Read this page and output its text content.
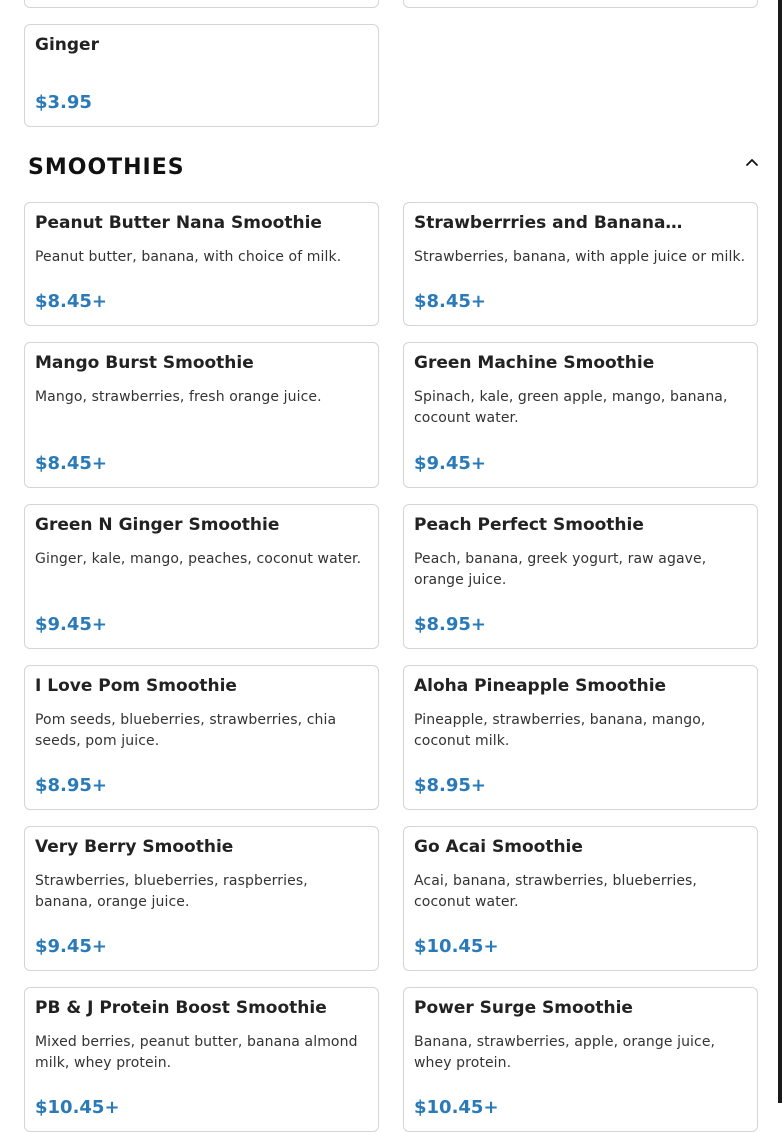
Ginger
$3.95
SMOOTHIES
Peanut Butter Nana Smoothie
Peanut butter, banana, with choice of milk.
$8.45+
Strawberrries and Banana…
Strawberries, banana, with apple juice or milk.
$8.45+
Mango Burst Smoothie
Mango, strawberries, fresh orange juice.
$8.45+
Green Machine Smoothie
Spinach, kale, green apple, mango, banana, cocount water.
$9.45+
Green N Ginger Smoothie
Ginger, kale, mango, peaches, coconut water.
$9.45+
Peach Perfect Smoothie
Peach, banana, greek yogurt, raw agave, orange juice.
$8.95+
I Love Pom Smoothie
Pom seeds, blueberries, strawberries, chia seeds, pom juice.
$8.95+
Aloha Pineapple Smoothie
Pineapple, strawberries, banana, mango, coconut milk.
$8.95+
Very Berry Smoothie
Strawberries, blueberries, raspberries, banana, orange juice.
$9.45+
Go Acai Smoothie
Acai, banana, strawberries, blueberries, coconut water.
$10.45+
PB & J Protein Boost Smoothie
Mixed berries, peanut butter, banana almond milk, whey protein.
$10.45+
Power Surge Smoothie
Banana, strawberries, apple, orange juice, whey protein.
$10.45+
